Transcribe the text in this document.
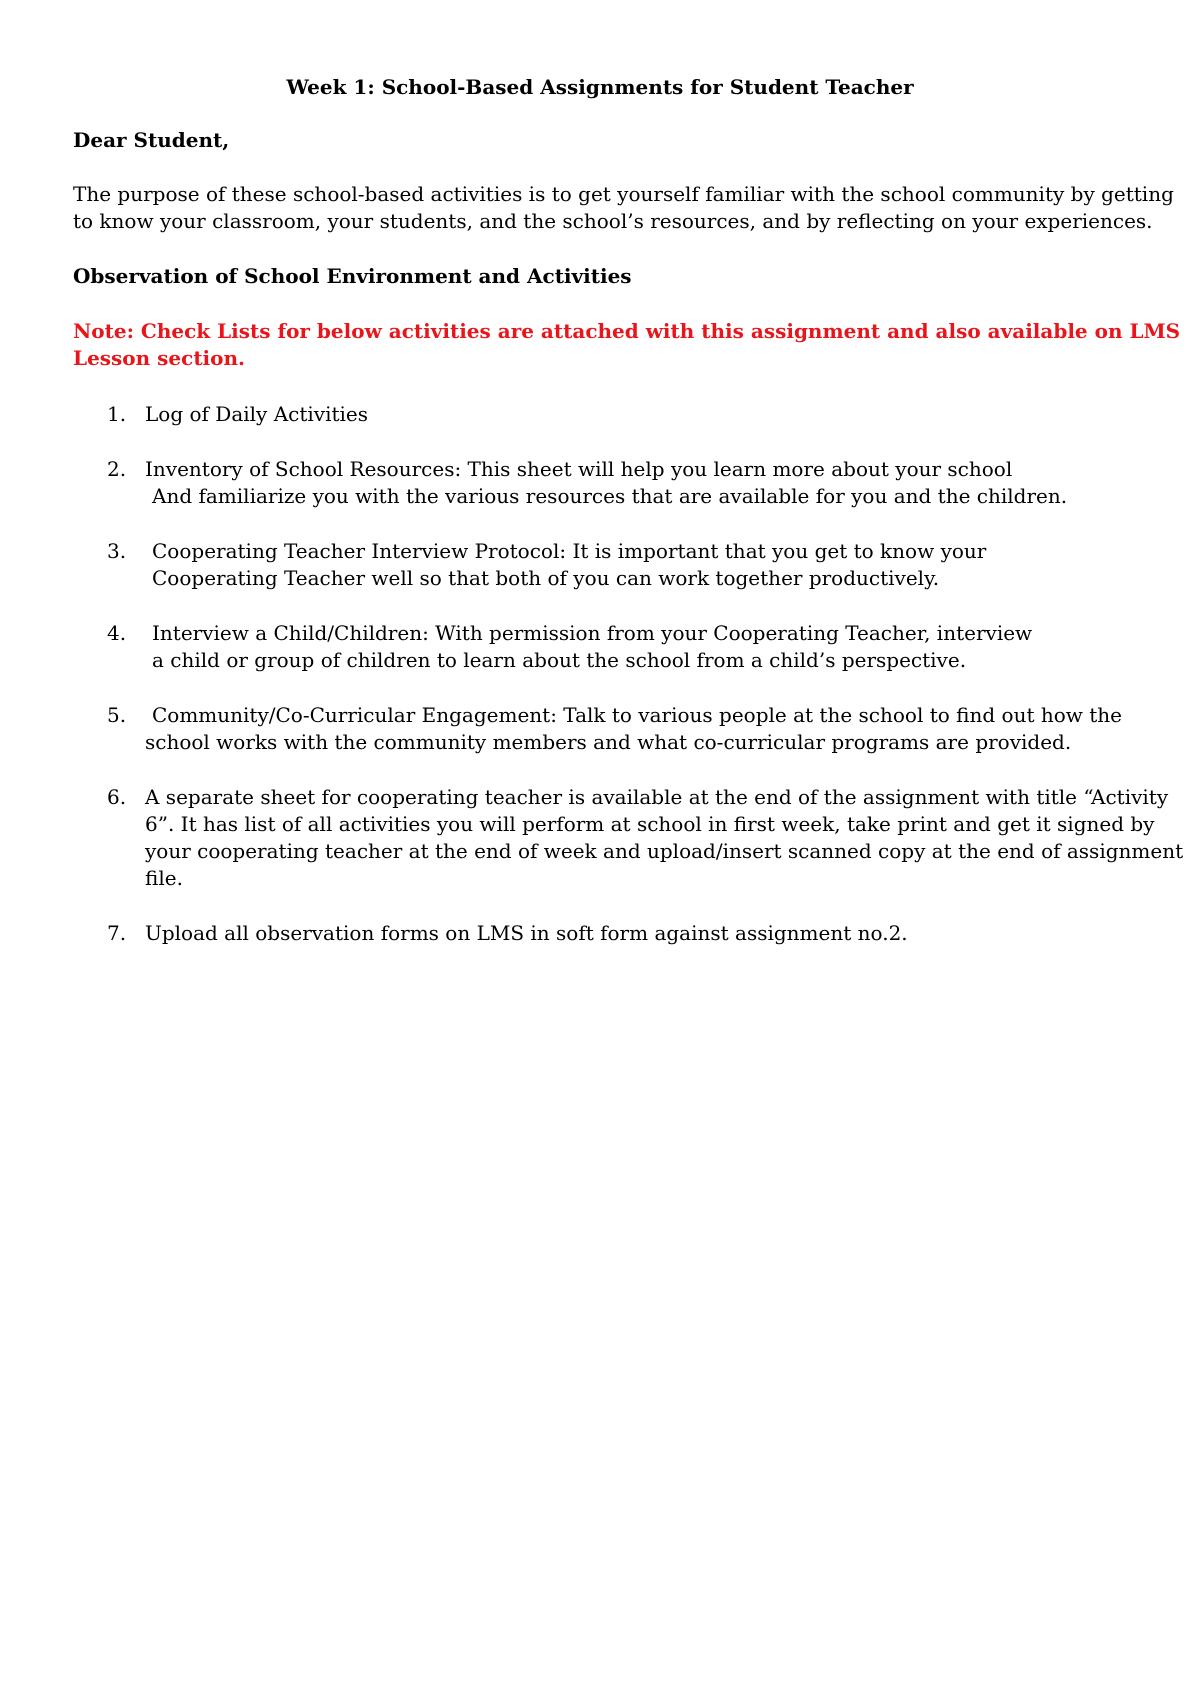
Week 1: School-Based Assignments for Student Teacher

Dear Student,

The purpose of these school-based activities is to get yourself familiar with the school community by getting
to know your classroom, your students, and the school’s resources, and by reflecting on your experiences.

Observation of School Environment and Activities

Note: Check Lists for below activities are attached with this assignment and also available on LMS
Lesson section.

1. Log of Daily Activities
2. Inventory of School Resources: This sheet will help you learn more about your school
And familiarize you with the various resources that are available for you and the children.
3.	Cooperating Teacher Interview Protocol: It is important that you get to know your
Cooperating Teacher well so that both of you can work together productively.
4.	Interview a Child/Children: With permission from your Cooperating Teacher, interview
a child or group of children to learn about the school from a child’s perspective.
5.	Community/Co-Curricular Engagement: Talk to various people at the school to find out how the
school works with the community members and what co-curricular programs are provided.
6. A separate sheet for cooperating teacher is available at the end of the assignment with title “Activity
6”. It has list of all activities you will perform at school in first week, take print and get it signed by
your cooperating teacher at the end of week and upload/insert scanned copy at the end of assignment
file.
7. Upload all observation forms on LMS in soft form against assignment no.2.
